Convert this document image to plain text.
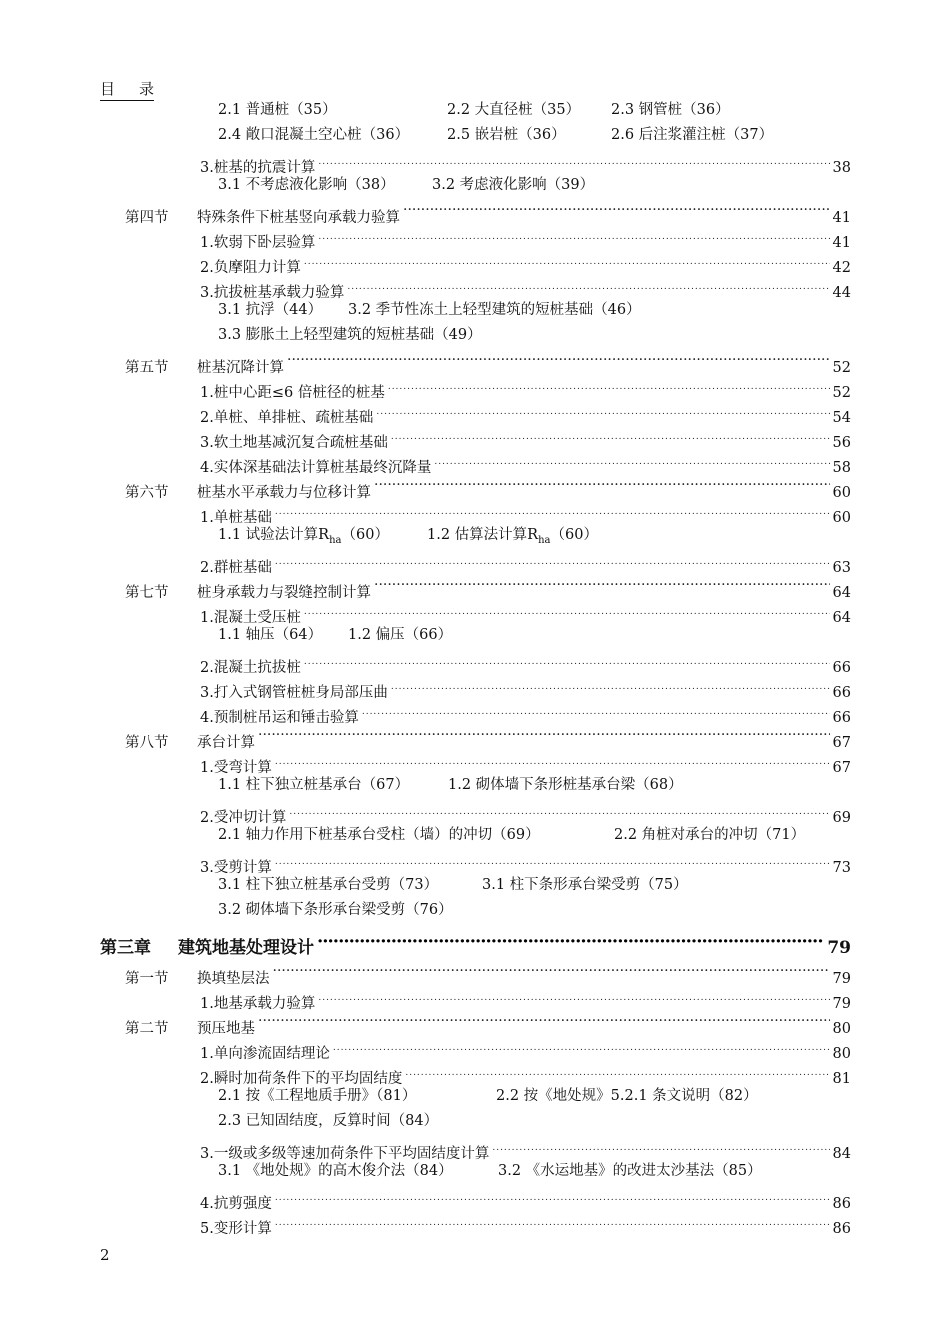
目 录
2.1 普通桩（35）	2.2 大直径桩（35） 2.3 钢管桩（36）
2.4 敞口混凝土空心桩（36）	2.5 嵌岩桩（36）	2.6 后注浆灌注桩（37）
3.桩基的抗震计算 .....	38
3.1 不考虑液化影响（38）	3.2 考虑液化影响（39）
第四节	特殊条件下桩基竖向承载力验算 ·····	41
1.软弱下卧层验算 .....	41
2.负摩阻力计算 .....	42
3.抗拔桩基承载力验算 .....	44
3.1 抗浮（44） 3.2 季节性冻土上轻型建筑的短桩基础（46）
3.3 膨胀土上轻型建筑的短桩基础（49）
第五节	桩基沉降计算 ·····	52
1.桩中心距≤6 倍桩径的桩基 .....	52
2.单桩、单排桩、疏桩基础 .....	54
3.软土地基减沉复合疏桩基础 .....	56
4.实体深基础法计算桩基最终沉降量 .....	58
第六节	桩基水平承载力与位移计算 ·····	60
1.单桩基础 .....	60
1.1 试验法计算$R_{ha}(60)$	1.2 估算法计算$R_{ha}(60)$
2.群桩基础 .....	63
第七节	桩身承载力与裂缝控制计算 ·····	64
1.混凝土受压桩 .....	64
1.1 轴压（64） 1.2 偏压（66）
2.混凝土抗拔桩 .....	66
3.打入式钢管桩桩身局部压曲 .....	66
4.预制桩吊运和锤击验算 .....	66
第八节	承台计算 ·····	67
1.受弯计算 .....	67
1.1 柱下独立桩基承台（67）	1.2 砌体墙下条形桩基承台梁（68）
2.受冲切计算 .....	69
2.1 轴力作用下桩基承台受柱（墙）的冲切（69）	2.2 角桩对承台的冲切（71）
3.受剪计算 .....	73
3.1 柱下独立桩基承台受剪（73）	3.1 柱下条形承台梁受剪（75）
3.2 砌体墙下条形承台梁受剪（76）
第三章	建筑地基处理设计 ·····	79
第一节	换填垫层法 ·····	79
1.地基承载力验算 .....	79
第二节	预压地基 ·····	80
1.单向渗流固结理论 .....	80
2.瞬时加荷条件下的平均固结度 .....	81
2.1 按《工程地质手册》（81）	2.2 按《地处规》5.2.1 条文说明（82）
2.3 已知固结度，反算时间（84）
3.一级或多级等速加荷条件下平均固结度计算 .....	84
3.1 《地处规》的高木俊介法（84）	3.2 《水运地基》的改进太沙基法（85）
4.抗剪强度 .....	86
5.变形计算 .....	86
2
